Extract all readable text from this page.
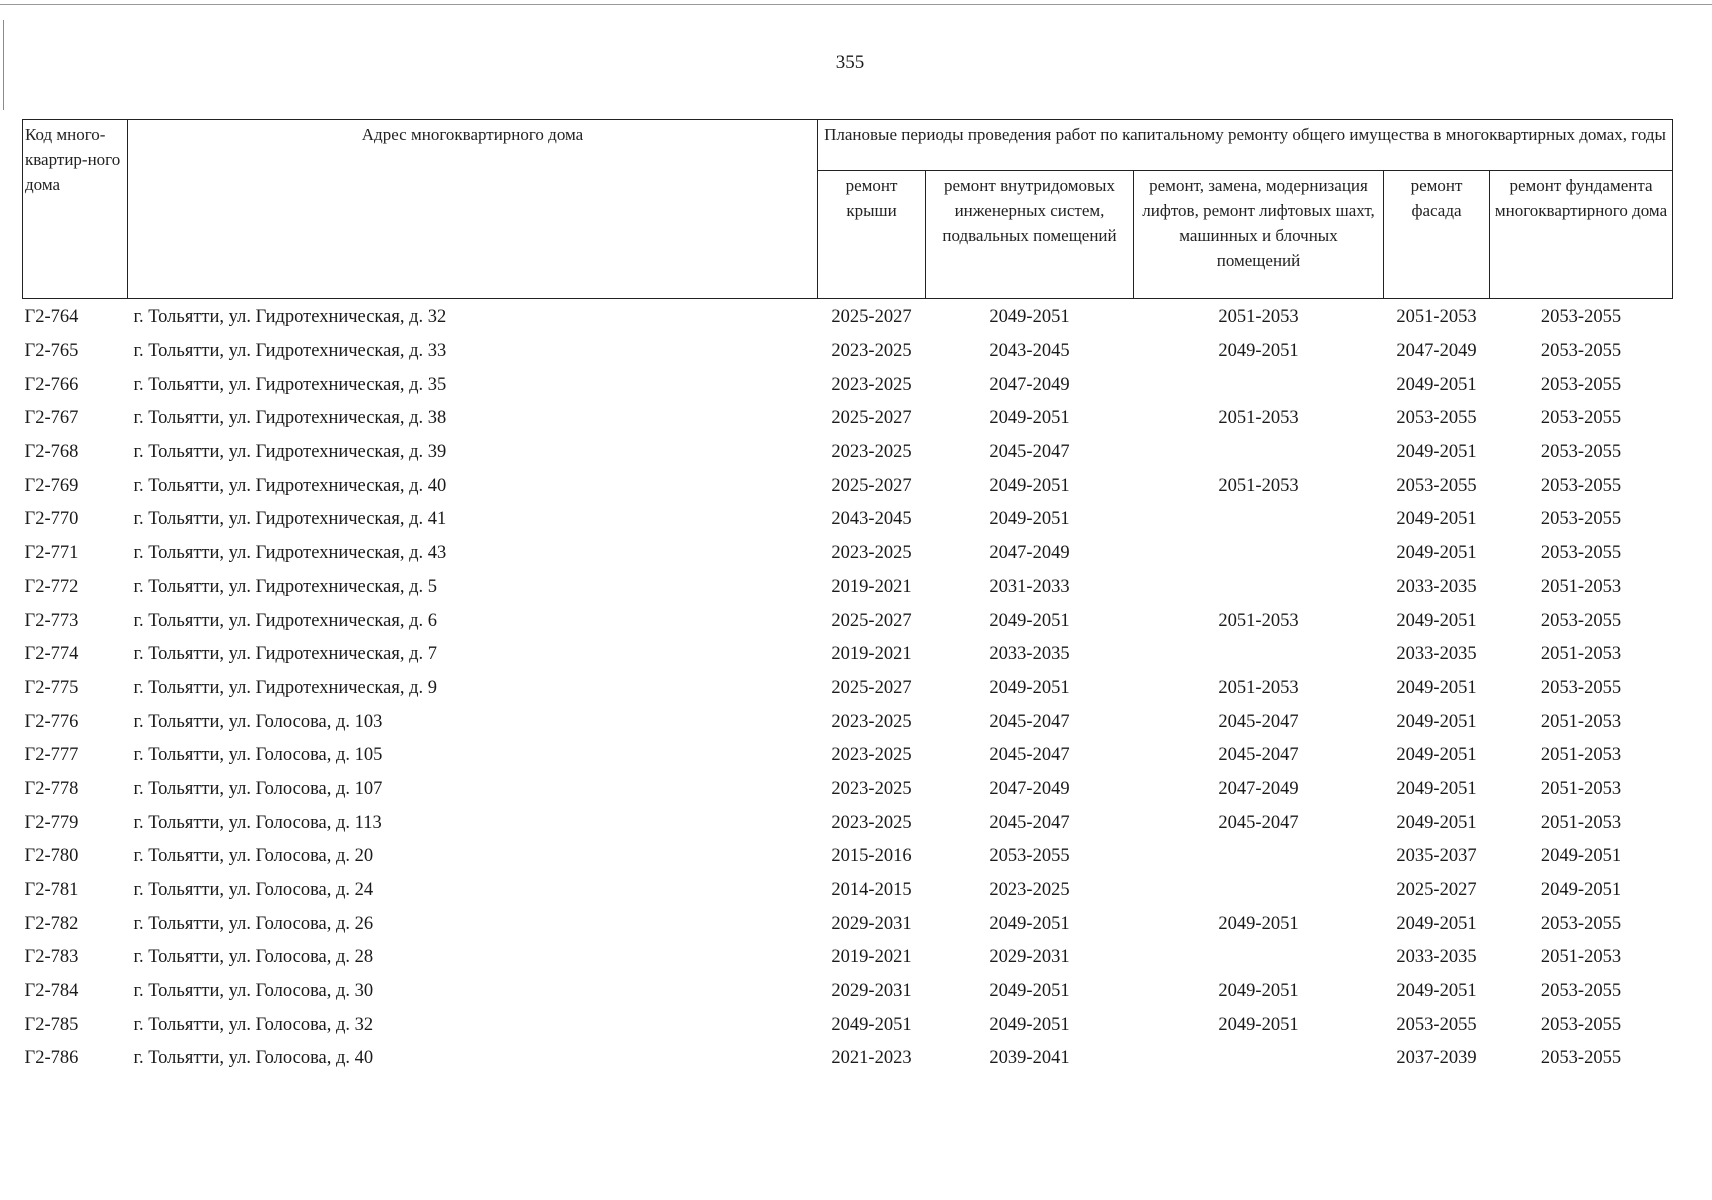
355
Код много-квартир-ного дома	Адрес многоквартирного дома	Плановые периоды проведения работ по капитальному ремонту общего имущества в многоквартирных домах, годы				
		ремонт крыши	ремонт внутридомовых инженерных систем, подвальных помещений	ремонт, замена, модернизация лифтов, ремонт лифтовых шахт, машинных и блочных помещений	ремонт фасада	ремонт фундамента многоквартирного дома
Г2-764	г. Тольятти, ул. Гидротехническая, д. 32	2025-2027	2049-2051	2051-2053	2051-2053	2053-2055
Г2-765	г. Тольятти, ул. Гидротехническая, д. 33	2023-2025	2043-2045	2049-2051	2047-2049	2053-2055
Г2-766	г. Тольятти, ул. Гидротехническая, д. 35	2023-2025	2047-2049		2049-2051	2053-2055
Г2-767	г. Тольятти, ул. Гидротехническая, д. 38	2025-2027	2049-2051	2051-2053	2053-2055	2053-2055
Г2-768	г. Тольятти, ул. Гидротехническая, д. 39	2023-2025	2045-2047		2049-2051	2053-2055
Г2-769	г. Тольятти, ул. Гидротехническая, д. 40	2025-2027	2049-2051	2051-2053	2053-2055	2053-2055
Г2-770	г. Тольятти, ул. Гидротехническая, д. 41	2043-2045	2049-2051		2049-2051	2053-2055
Г2-771	г. Тольятти, ул. Гидротехническая, д. 43	2023-2025	2047-2049		2049-2051	2053-2055
Г2-772	г. Тольятти, ул. Гидротехническая, д. 5	2019-2021	2031-2033		2033-2035	2051-2053
Г2-773	г. Тольятти, ул. Гидротехническая, д. 6	2025-2027	2049-2051	2051-2053	2049-2051	2053-2055
Г2-774	г. Тольятти, ул. Гидротехническая, д. 7	2019-2021	2033-2035		2033-2035	2051-2053
Г2-775	г. Тольятти, ул. Гидротехническая, д. 9	2025-2027	2049-2051	2051-2053	2049-2051	2053-2055
Г2-776	г. Тольятти, ул. Голосова, д. 103	2023-2025	2045-2047	2045-2047	2049-2051	2051-2053
Г2-777	г. Тольятти, ул. Голосова, д. 105	2023-2025	2045-2047	2045-2047	2049-2051	2051-2053
Г2-778	г. Тольятти, ул. Голосова, д. 107	2023-2025	2047-2049	2047-2049	2049-2051	2051-2053
Г2-779	г. Тольятти, ул. Голосова, д. 113	2023-2025	2045-2047	2045-2047	2049-2051	2051-2053
Г2-780	г. Тольятти, ул. Голосова, д. 20	2015-2016	2053-2055		2035-2037	2049-2051
Г2-781	г. Тольятти, ул. Голосова, д. 24	2014-2015	2023-2025		2025-2027	2049-2051
Г2-782	г. Тольятти, ул. Голосова, д. 26	2029-2031	2049-2051	2049-2051	2049-2051	2053-2055
Г2-783	г. Тольятти, ул. Голосова, д. 28	2019-2021	2029-2031		2033-2035	2051-2053
Г2-784	г. Тольятти, ул. Голосова, д. 30	2029-2031	2049-2051	2049-2051	2049-2051	2053-2055
Г2-785	г. Тольятти, ул. Голосова, д. 32	2049-2051	2049-2051	2049-2051	2053-2055	2053-2055
Г2-786	г. Тольятти, ул. Голосова, д. 40	2021-2023	2039-2041		2037-2039	2053-2055
